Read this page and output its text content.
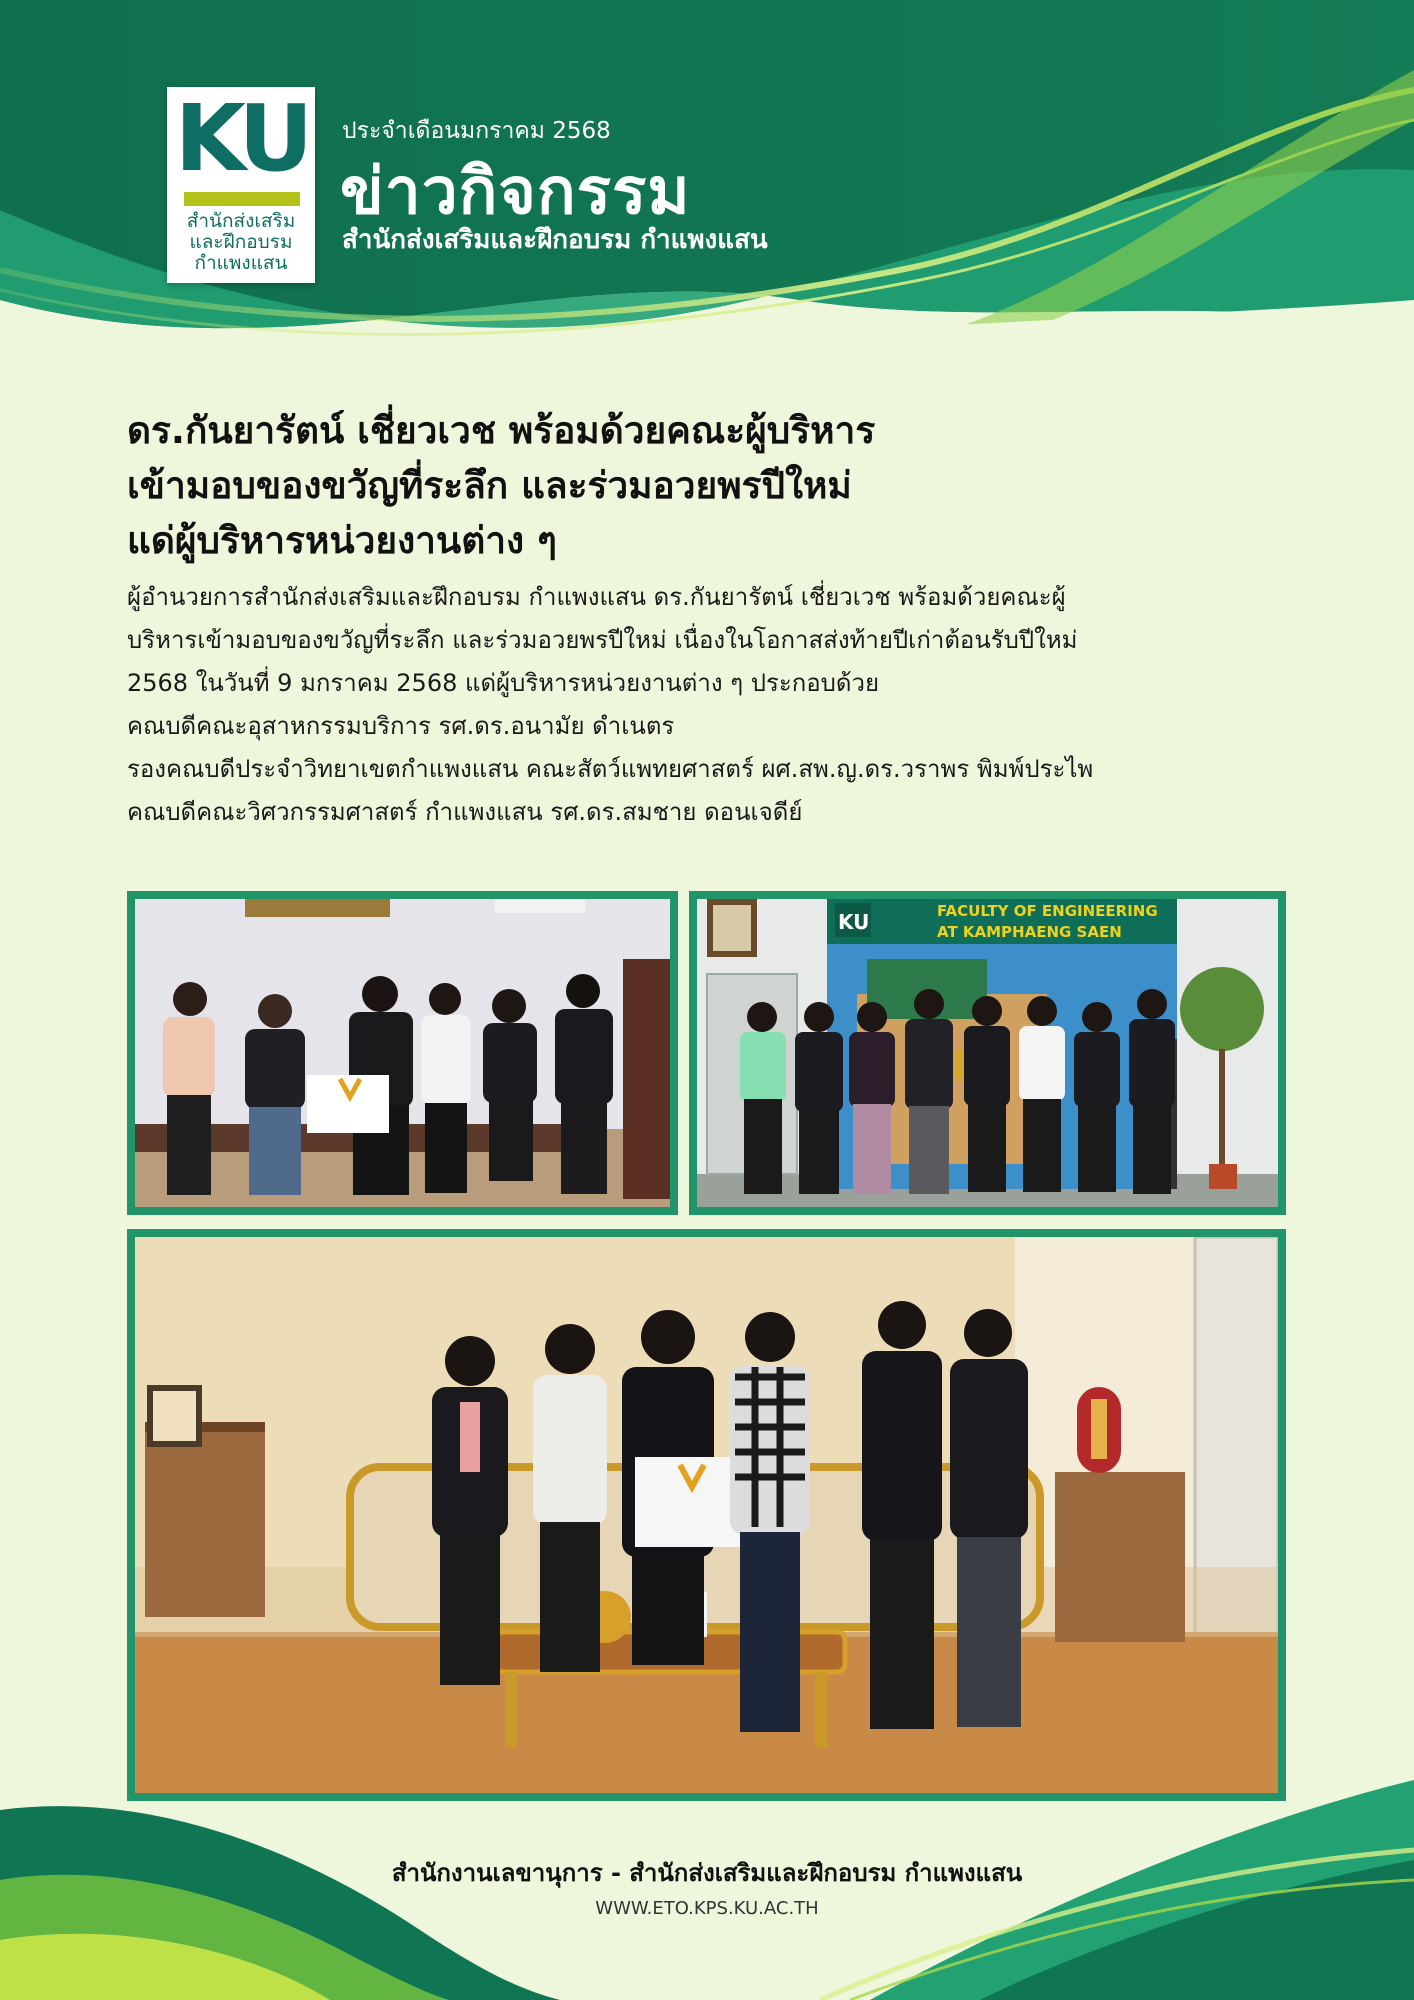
KU
สำนักส่งเสริม
และฝึกอบรม
กำแพงแสน
ประจำเดือนมกราคม 2568
ข่าวกิจกรรม
สำนักส่งเสริมและฝึกอบรม กำแพงแสน
ดร.กันยารัตน์ เชี่ยวเวช พร้อมด้วยคณะผู้บริหาร
เข้ามอบของขวัญที่ระลึก และร่วมอวยพรปีใหม่
แด่ผู้บริหารหน่วยงานต่าง ๆ
ผู้อำนวยการสำนักส่งเสริมและฝึกอบรม กำแพงแสน ดร.กันยารัตน์ เชี่ยวเวช พร้อมด้วยคณะผู้
บริหารเข้ามอบของขวัญที่ระลึก และร่วมอวยพรปีใหม่ เนื่องในโอกาสส่งท้ายปีเก่าต้อนรับปีใหม่
2568 ในวันที่ 9 มกราคม 2568 แด่ผู้บริหารหน่วยงานต่าง ๆ ประกอบด้วย
คณบดีคณะอุสาหกรรมบริการ รศ.ดร.อนามัย ดำเนตร
รองคณบดีประจำวิทยาเขตกำแพงแสน คณะสัตว์แพทยศาสตร์ ผศ.สพ.ญ.ดร.วราพร พิมพ์ประไพ
คณบดีคณะวิศวกรรมศาสตร์ กำแพงแสน รศ.ดร.สมชาย ดอนเจดีย์
FACULTY OF ENGINEERING
AT KAMPHAENG SAEN
KU
สำนักงานเลขานุการ - สำนักส่งเสริมและฝึกอบรม กำแพงแสน
WWW.ETO.KPS.KU.AC.TH
